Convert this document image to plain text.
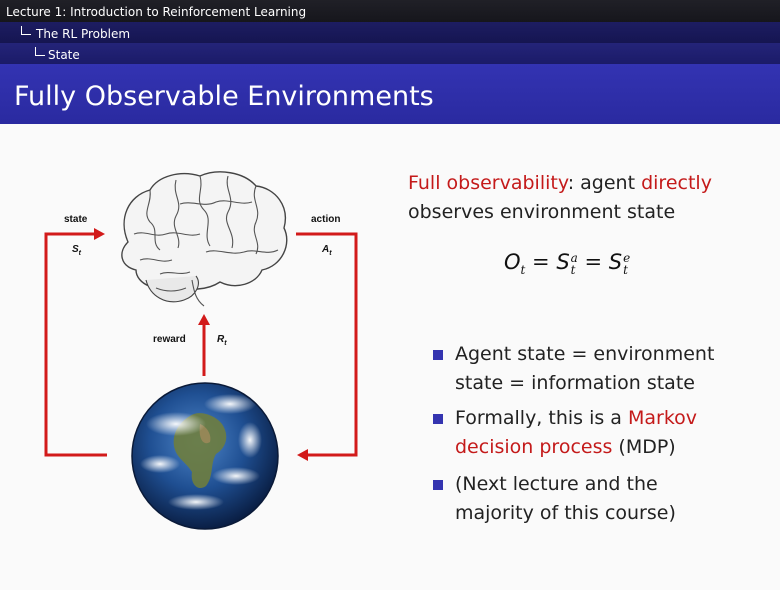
Lecture 1: Introduction to Reinforcement Learning
The RL Problem
State
Fully Observable Environments
state
$S_t$
action
$A_t$
reward	$R_t$
Full observability: agent directly
observes environment state
$O_t = S$ a
t = S e
t
Agent state = environment
state = information state
Formally, this is a Markov
decision process (MDP)
(Next lecture and the
majority of this course)
